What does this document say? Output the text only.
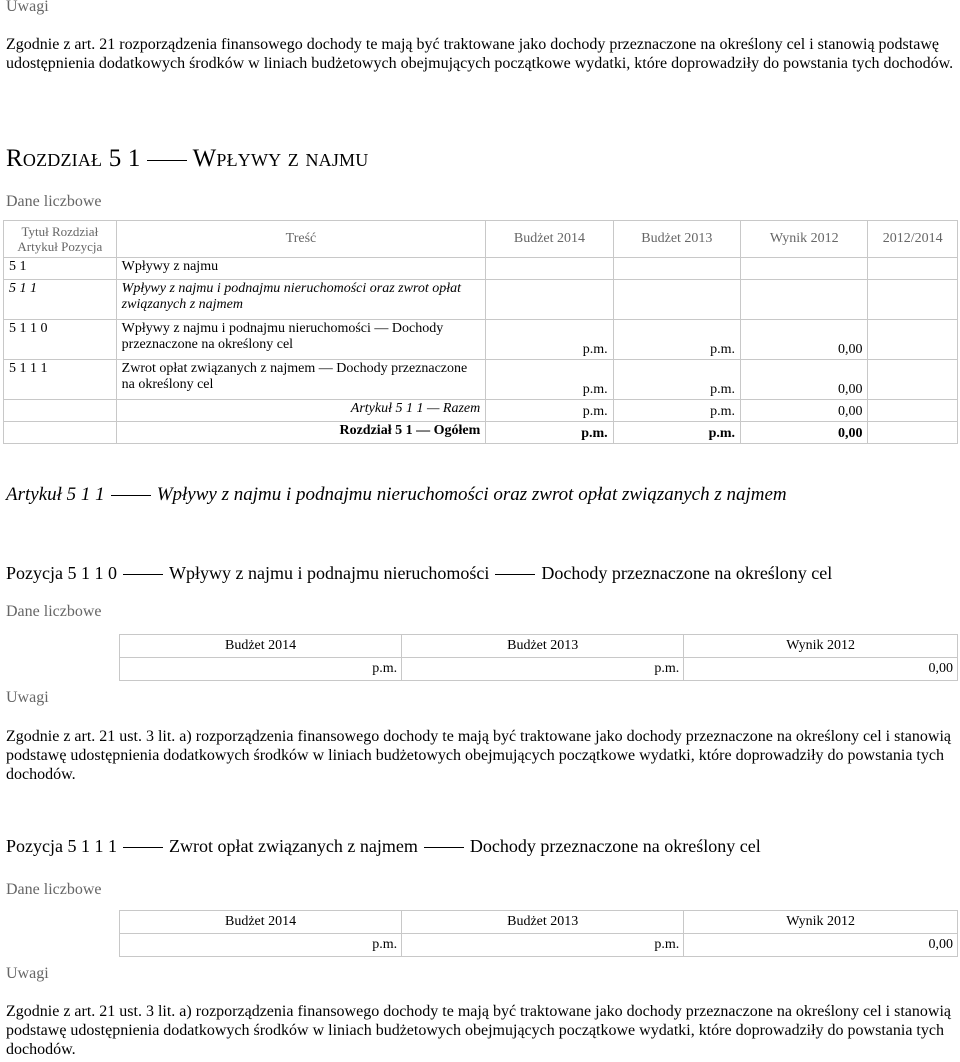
Uwagi
Zgodnie z art. 21 rozporządzenia finansowego dochody te mają być traktowane jako dochody przeznaczone na określony cel i stanowią podstawę udostępnienia dodatkowych środków w liniach budżetowych obejmujących początkowe wydatki, które doprowadziły do powstania tych dochodów.
Rozdział 5 1 Wpływy z najmu
Dane liczbowe
Tytuł Rozdział Artykuł Pozycja	Treść	Budżet 2014	Budżet 2013	Wynik 2012	2012/2014
5 1	Wpływy z najmu				
5 1 1	Wpływy z najmu i podnajmu nieruchomości oraz zwrot opłat związanych z najmem				
5 1 1 0	Wpływy z najmu i podnajmu nieruchomości — Dochody przeznaczone na określony cel	p.m.	p.m.	0,00	
5 1 1 1	Zwrot opłat związanych z najmem — Dochody przeznaczone na określony cel	p.m.	p.m.	0,00	
	Artykuł 5 1 1 — Razem	p.m.	p.m.	0,00	
	Rozdział 5 1 — Ogółem	p.m.	p.m.	0,00	
Artykuł 5 1 1	Wpływy z najmu i podnajmu nieruchomości oraz zwrot opłat związanych z najmem
Pozycja 5 1 1 0	Wpływy z najmu i podnajmu nieruchomości	Dochody przeznaczone na określony cel
Dane liczbowe
Budżet 2014	Budżet 2013	Wynik 2012
p.m.	p.m.	0,00
Uwagi
Zgodnie z art. 21 ust. 3 lit. a) rozporządzenia finansowego dochody te mają być traktowane jako dochody przeznaczone na określony cel i stanowią podstawę udostępnienia dodatkowych środków w liniach budżetowych obejmujących początkowe wydatki, które doprowadziły do powstania tych dochodów.
Pozycja 5 1 1 1	Zwrot opłat związanych z najmem	Dochody przeznaczone na określony cel
Dane liczbowe
Budżet 2014	Budżet 2013	Wynik 2012
p.m.	p.m.	0,00
Uwagi
Zgodnie z art. 21 ust. 3 lit. a) rozporządzenia finansowego dochody te mają być traktowane jako dochody przeznaczone na określony cel i stanowią podstawę udostępnienia dodatkowych środków w liniach budżetowych obejmujących początkowe wydatki, które doprowadziły do powstania tych dochodów.
